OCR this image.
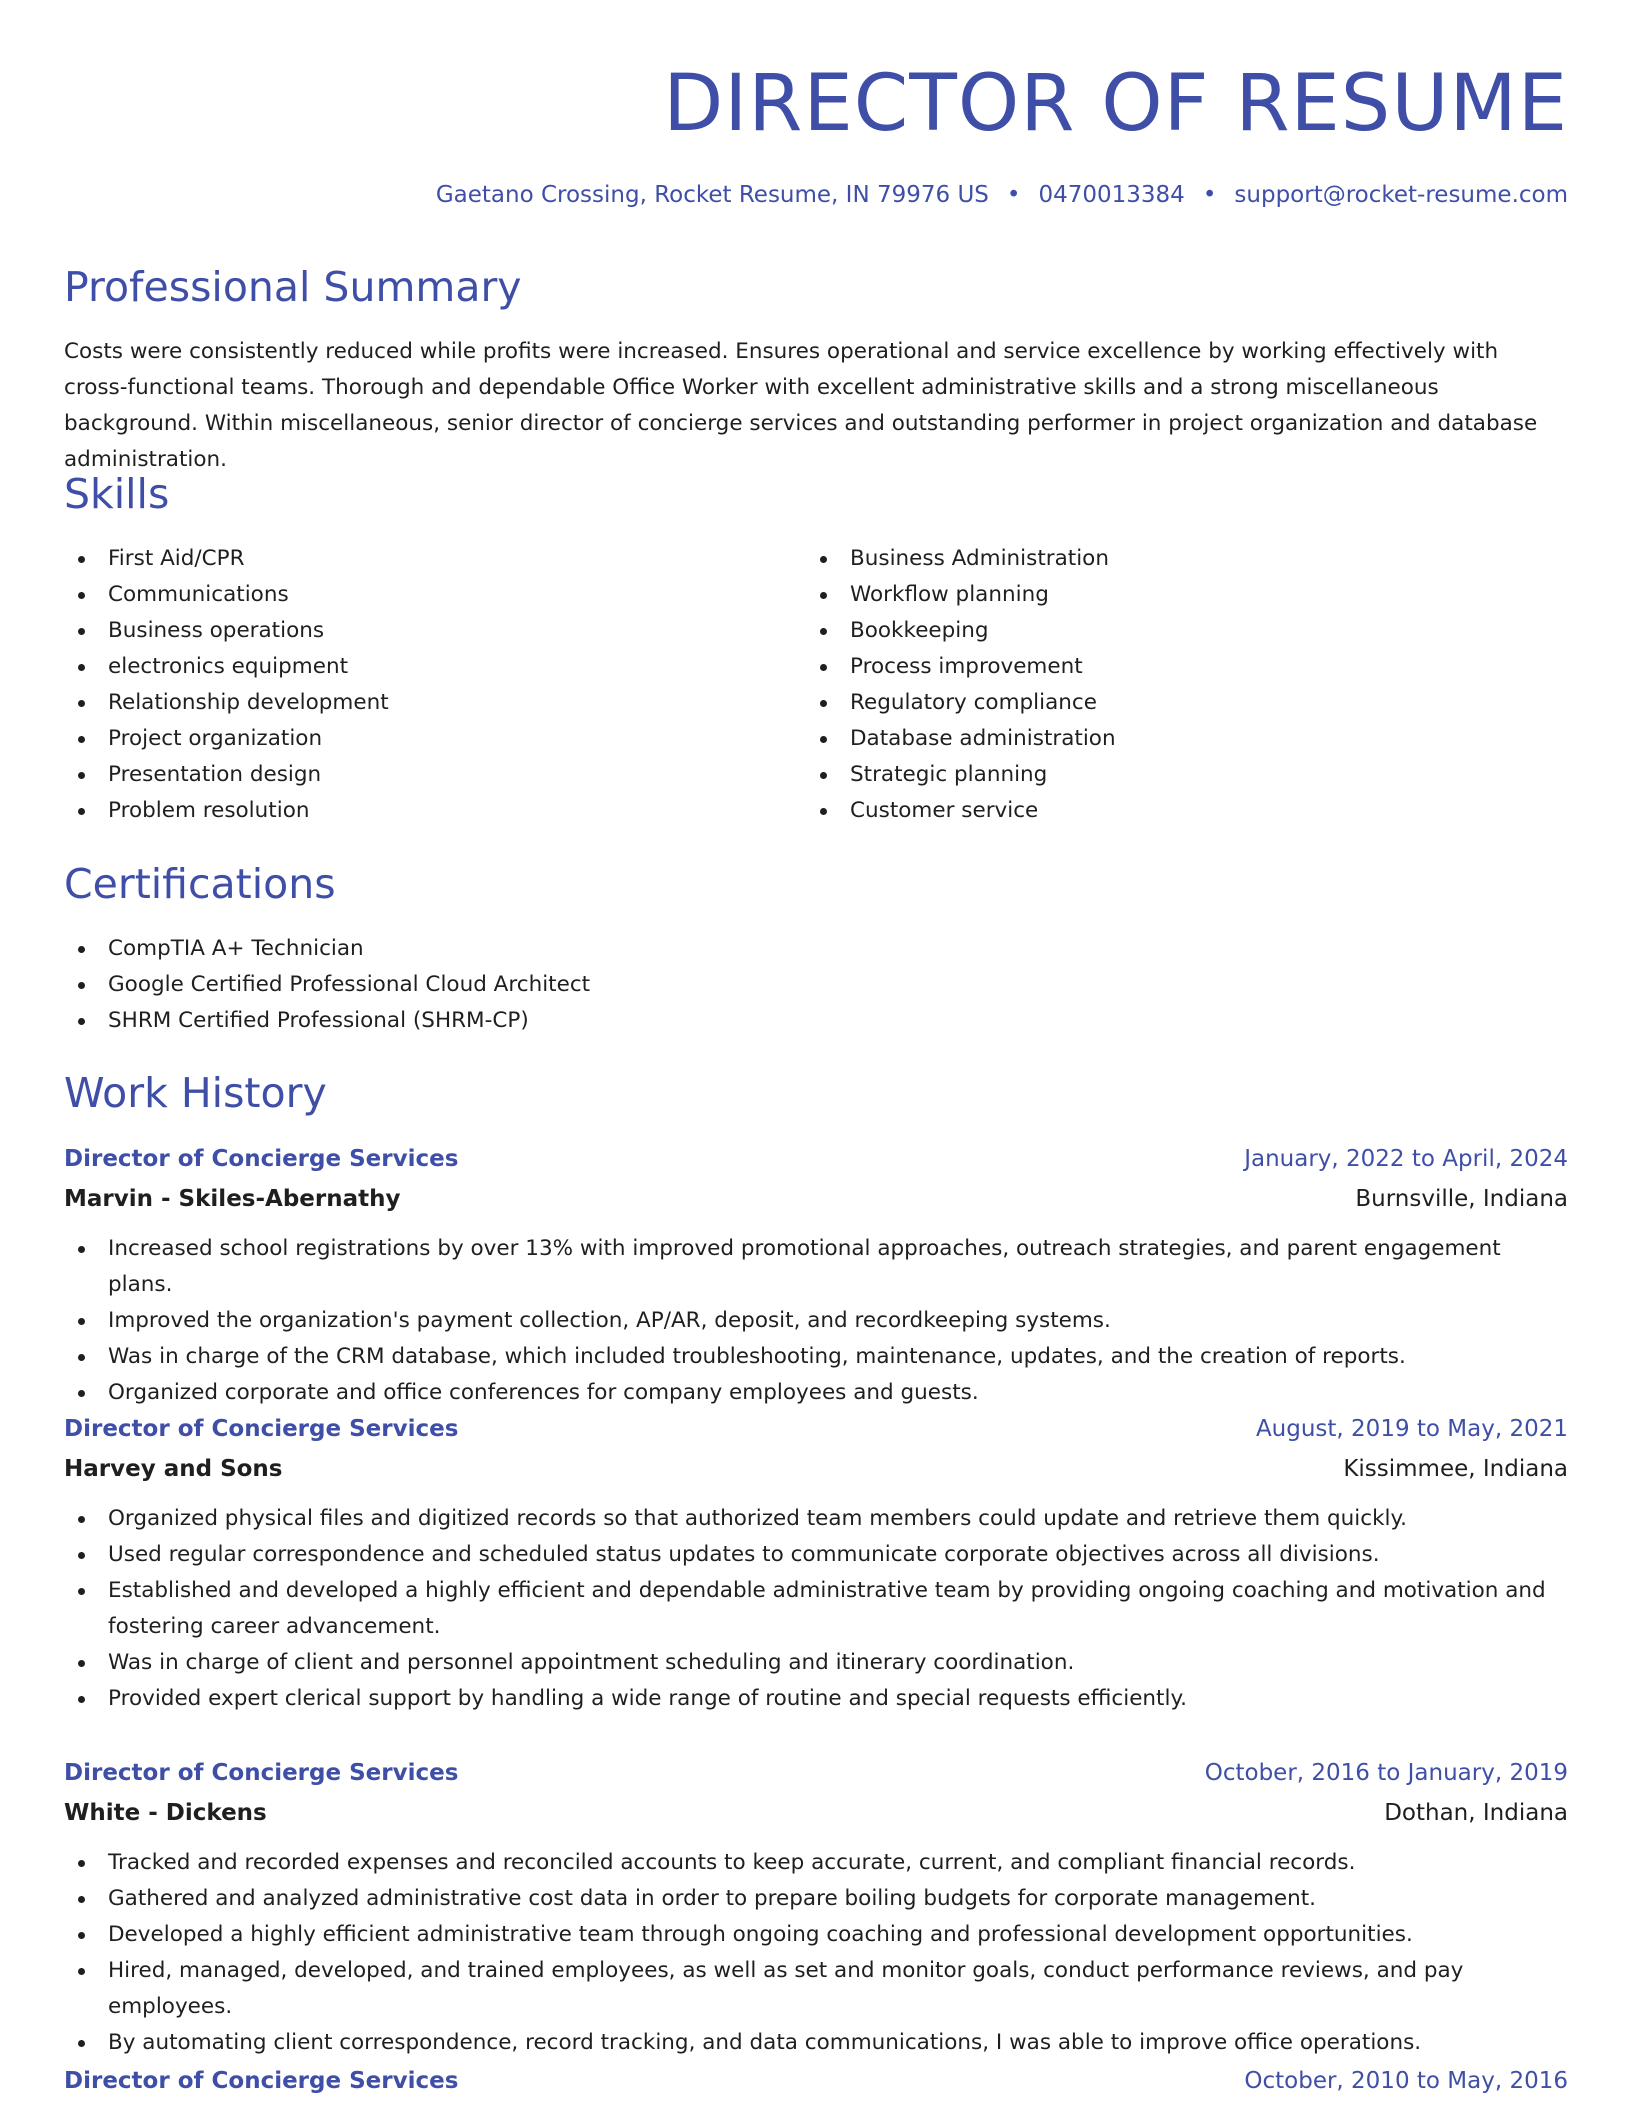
DIRECTOR OF RESUME
Gaetano Crossing, Rocket Resume, IN 79976 US • 0470013384 • support@rocket-resume.com
Professional Summary

Costs were consistently reduced while profits were increased. Ensures operational and service excellence by working effectively with cross-functional teams. Thorough and dependable Office Worker with excellent administrative skills and a strong miscellaneous background. Within miscellaneous, senior director of concierge services and outstanding performer in project organization and database administration.

Skills
First Aid/CPR
Communications
Business operations
electronics equipment
Relationship development
Project organization
Presentation design
Problem resolution
Business Administration
Workflow planning
Bookkeeping
Process improvement
Regulatory compliance
Database administration
Strategic planning
Customer service
Certifications
CompTIA A+ Technician
Google Certified Professional Cloud Architect
SHRM Certified Professional (SHRM-CP)
Work History
Director of Concierge Services	January, 2022 to April, 2024
Marvin - Skiles-Abernathy	Burnsville, Indiana
Increased school registrations by over 13% with improved promotional approaches, outreach strategies, and parent engagement plans.
Improved the organization's payment collection, AP/AR, deposit, and recordkeeping systems.
Was in charge of the CRM database, which included troubleshooting, maintenance, updates, and the creation of reports.
Organized corporate and office conferences for company employees and guests.
Director of Concierge Services	August, 2019 to May, 2021
Harvey and Sons	Kissimmee, Indiana
Organized physical files and digitized records so that authorized team members could update and retrieve them quickly.
Used regular correspondence and scheduled status updates to communicate corporate objectives across all divisions.
Established and developed a highly efficient and dependable administrative team by providing ongoing coaching and motivation and fostering career advancement.
Was in charge of client and personnel appointment scheduling and itinerary coordination.
Provided expert clerical support by handling a wide range of routine and special requests efficiently.
Director of Concierge Services	October, 2016 to January, 2019
White - Dickens	Dothan, Indiana
Tracked and recorded expenses and reconciled accounts to keep accurate, current, and compliant financial records.
Gathered and analyzed administrative cost data in order to prepare boiling budgets for corporate management.
Developed a highly efficient administrative team through ongoing coaching and professional development opportunities.
Hired, managed, developed, and trained employees, as well as set and monitor goals, conduct performance reviews, and pay employees.
By automating client correspondence, record tracking, and data communications, I was able to improve office operations.
Director of Concierge Services	October, 2010 to May, 2016
